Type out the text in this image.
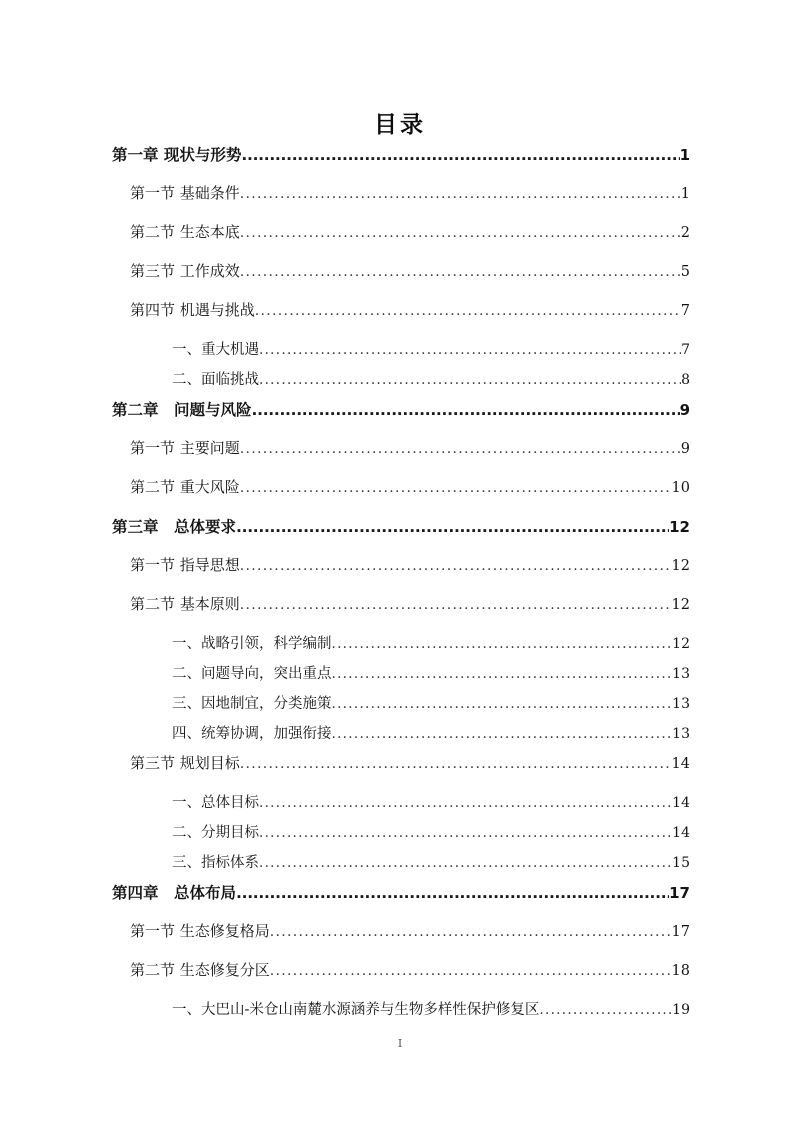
目录
第一章 现状与形势 .....	1
第一节 基础条件 .....	1
第二节 生态本底 .....	2
第三节 工作成效 .....	5
第四节 机遇与挑战 .....	7
一、重大机遇 .....	7
二、面临挑战 .....	8
第二章　问题与风险 .....	9
第一节 主要问题 .....	9
第二节 重大风险 .....	10
第三章　总体要求 .....	12
第一节 指导思想 .....	12
第二节 基本原则 .....	12
一、战略引领，科学编制 .....	12
二、问题导向，突出重点 .....	13
三、因地制宜，分类施策 .....	13
四、统筹协调，加强衔接 .....	13
第三节 规划目标 .....	14
一、总体目标 .....	14
二、分期目标 .....	14
三、指标体系 .....	15
第四章　总体布局 .....	17
第一节 生态修复格局 .....	17
第二节 生态修复分区 .....	18
一、大巴山-米仓山南麓水源涵养与生物多样性保护修复区 .....	19
I
